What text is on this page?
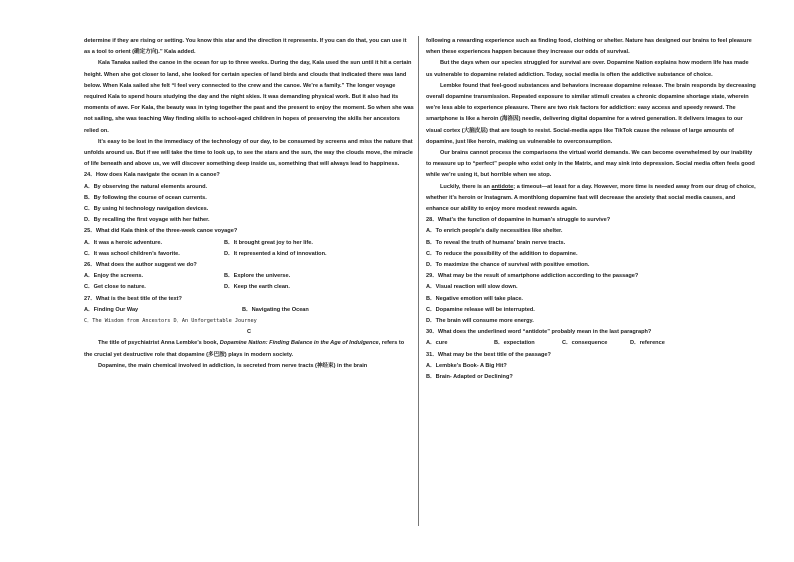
determine if they are rising or setting. You know this star and the direction it represents. If you can do that, you can use it as a tool to orient (确定方向).” Kala added.

Kala Tanaka sailed the canoe in the ocean for up to three weeks. During the day, Kala used the sun until it hit a certain height. When she got closer to land, she looked for certain species of land birds and clouds that indicated there was land below. When Kala sailed she felt “I feel very connected to the crew and the canoe. We’re a family.” The longer voyage required Kala to spend hours studying the day and the night skies. It was demanding physical work. But it also had its moments of awe. For Kala, the beauty was in tying together the past and the present to enjoy the moment. So when she was not sailing, she was teaching Way finding skills to school-aged children in hopes of preserving the skills her ancestors relied on.

It’s easy to be lost in the immediacy of the technology of our day, to be consumed by screens and miss the nature that unfolds around us. But if we will take the time to look up, to see the stars and the sun, the way the clouds move, the miracle of life beneath and above us, we will discover something deep inside us, something that will always lead to happiness.

24．How does Kala navigate the ocean in a canoe?

A．By observing the natural elements around.

B．By following the course of ocean currents.

C．By using hi technology navigation devices.

D．By recalling the first voyage with her father.

25．What did Kala think of the three-week canoe voyage?

A．It was a heroic adventure.	B．It brought great joy to her life.
C．It was school children’s favorite.	D．It represented a kind of innovation.

26．What does the author suggest we do?

A．Enjoy the screens.	B．Explore the universe.
C．Get close to nature.	D．Keep the earth clean.

27．What is the best title of the text?

A．Finding Our Way	B．Navigating the Ocean

C．The Wisdom from Ancestors D．An Unforgettable Journey

C

The title of psychiatrist Anna Lembke’s book, Dopamine Nation: Finding Balance in the Age of Indulgence, refers to the crucial yet destructive role that dopamine (多巴胺) plays in modern society.

Dopamine, the main chemical involved in addiction, is secreted from nerve tracts (神经束) in the brain

following a rewarding experience such as finding food, clothing or shelter. Nature has designed our brains to feel pleasure when these experiences happen because they increase our odds of survival.

But the days when our species struggled for survival are over. Dopamine Nation explains how modern life has made us vulnerable to dopamine related addiction. Today, social media is often the addictive substance of choice.

Lembke found that feel-good substances and behaviors increase dopamine release. The brain responds by decreasing overall dopamine transmission. Repeated exposure to similar stimuli creates a chronic dopamine shortage state, wherein we’re less able to experience pleasure. There are two risk factors for addiction: easy access and speedy reward. The smartphone is like a heroin (海洛因) needle, delivering digital dopamine for a wired generation. It delivers images to our visual cortex (大脑皮层) that are tough to resist. Social-media apps like TikTok cause the release of large amounts of dopamine, just like heroin, making us vulnerable to overconsumption.

Our brains cannot process the comparisons the virtual world demands. We can become overwhelmed by our inability to measure up to “perfect” people who exist only in the Matrix, and may sink into depression. Social media often feels good while we’re using it, but horrible when we stop.

Luckily, there is an antidote; a timeout—at least for a day. However, more time is needed away from our drug of choice, whether it’s heroin or Instagram. A monthlong dopamine fast will decrease the anxiety that social media causes, and enhance our ability to enjoy more modest rewards again.

28．What’s the function of dopamine in human’s struggle to survive?

A．To enrich people’s daily necessities like shelter.

B．To reveal the truth of humans’ brain nerve tracts.

C．To reduce the possibility of the addition to dopamine.

D．To maximize the chance of survival with positive emotion.

29．What may be the result of smartphone addiction according to the passage?

A．Visual reaction will slow down.

B．Negative emotion will take place.

C．Dopamine release will be interrupted.

D．The brain will consume more energy.

30．What does the underlined word “antidote” probably mean in the last paragraph?

A．cure	B．expectation	C．consequence	D．reference

31．What may be the best title of the passage?

A．Lembke’s Book- A Big Hit?

B．Brain- Adapted or Declining?
